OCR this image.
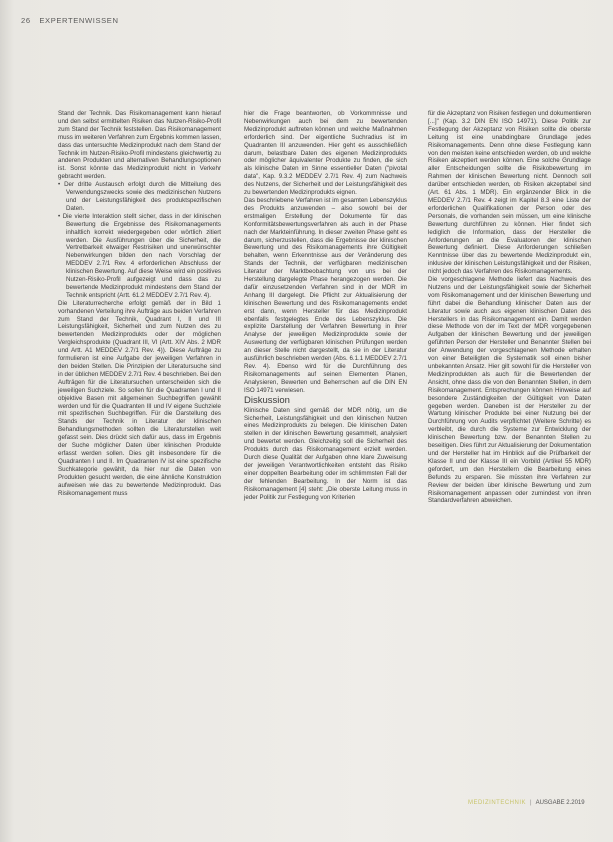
26 EXPERTENWISSEN

Stand der Technik. Das Risikomanagement kann hierauf und den selbst ermittelten Risiken das Nutzen-Risiko-Profil zum Stand der Technik feststellen. Das Risikomanagement muss im weiteren Verfahren zum Ergebnis kommen lassen, dass das untersuchte Medizinprodukt nach dem Stand der Technik im Nutzen-Risiko-Profil mindestens gleichwertig zu anderen Produkten und alternativen Behandlungsoptionen ist. Sonst könnte das Medizinprodukt nicht in Verkehr gebracht werden.

• Der dritte Austausch erfolgt durch die Mitteilung des Verwendungszwecks sowie des medizinischen Nutzens und der Leistungsfähigkeit des produktspezifischen Daten.

• Die vierte Interaktion stellt sicher, dass in der klinischen Bewertung die Ergebnisse des Risikomanagements inhaltlich korrekt wiedergegeben oder wörtlich zitiert werden. Die Ausführungen über die Sicherheit, die Vertretbarkeit etwaiger Restrisiken und unerwünschter Nebenwirkungen bilden den nach Vorschlag der MEDDEV 2.7/1 Rev. 4 erforderlichen Abschluss der klinischen Bewertung. Auf diese Weise wird ein positives Nutzen-Risiko-Profil aufgezeigt und dass das zu bewertende Medizinprodukt mindestens dem Stand der Technik entspricht (Artt. 61.2 MEDDEV 2.7/1 Rev. 4).

Die Literaturrecherche erfolgt gemäß der in Bild 1 vorhandenen Verteilung ihre Aufträge aus beiden Verfahren zum Stand der Technik, Quadrant I, II und III Leistungsfähigkeit, Sicherheit und zum Nutzen des zu bewertenden Medizinprodukts oder der möglichen Vergleichsprodukte (Quadrant III, VI (Artt. XIV Abs. 2 MDR und Artt. A1 MEDDEV 2.7/1 Rev. 4)). Diese Aufträge zu formulieren ist eine Aufgabe der jeweiligen Verfahren in den beiden Stellen. Die Prinzipien der Literatursuche sind in der üblichen MEDDEV 2.7/1 Rev. 4 beschrieben. Bei den Aufträgen für die Literatursuchen unterscheiden sich die jeweiligen Suchziele. So sollen für die Quadranten I und II objektive Basen mit allgemeinen Suchbegriffen gewählt werden und für die Quadranten III und IV eigene Suchziele mit spezifischen Suchbegriffen. Für die Darstellung des Stands der Technik in Literatur der klinischen Behandlungsmethoden sollten die Literaturstellen weit gefasst sein. Dies drückt sich dafür aus, dass im Ergebnis der Suche möglicher Daten über klinischen Produkte erfasst werden sollen. Dies gilt insbesondere für die Quadranten I und II. Im Quadranten IV ist eine spezifische Suchkategorie gewählt, da hier nur die Daten von Produkten gesucht werden, die eine ähnliche Konstruktion aufweisen wie das zu bewertende Medizinprodukt. Das Risikomanagement muss

hier die Frage beantworten, ob Vorkommnisse und Nebenwirkungen auch bei dem zu bewertenden Medizinprodukt auftreten können und welche Maßnahmen erforderlich sind. Der eigentliche Suchradius ist im Quadranten III anzuwenden. Hier geht es ausschließlich darum, belastbare Daten des eigenen Medizinprodukts oder möglicher äquivalenter Produkte zu finden, die sich als klinische Daten im Sinne essentieller Daten ("pivotal data", Kap. 9.3.2 MEDDEV 2.7/1 Rev. 4) zum Nachweis des Nutzens, der Sicherheit und der Leistungsfähigkeit des zu bewertenden Medizinprodukts eignen.

Das beschriebene Verfahren ist im gesamten Lebenszyklus des Produkts anzuwenden – also sowohl bei der erstmaligen Erstellung der Dokumente für das Konformitätsbewertungsverfahren als auch in der Phase nach der Markteinführung. In dieser zweiten Phase geht es darum, sicherzustellen, dass die Ergebnisse der klinischen Bewertung und des Risikomanagements ihre Gültigkeit behalten, wenn Erkenntnisse aus der Veränderung des Stands der Technik, der verfügbaren medizinischen Literatur der Marktbeobachtung von uns bei der Herstellung dargelegte Phase herangezogen werden. Die dafür einzusetzenden Verfahren sind in der MDR im Anhang III dargelegt. Die Pflicht zur Aktualisierung der klinischen Bewertung und des Risikomanagements endet erst dann, wenn Hersteller für das Medizinprodukt ebenfalls festgelegtes Ende des Lebenszyklus. Die explizite Darstellung der Verfahren Bewertung in ihrer Analyse der jeweiligen Medizinprodukte sowie der Auswertung der verfügbaren klinischen Prüfungen werden an dieser Stelle nicht dargestellt, da sie in der Literatur ausführlich beschrieben werden (Abs. 6.1.1 MEDDEV 2.7/1 Rev. 4). Ebenso wird für die Durchführung des Risikomanagements auf seinen Elementen Planen, Analysieren, Bewerten und Beherrschen auf die DIN EN ISO 14971 verwiesen.

Diskussion

Klinische Daten sind gemäß der MDR nötig, um die Sicherheit, Leistungsfähigkeit und den klinischen Nutzen eines Medizinprodukts zu belegen. Die klinischen Daten stellen in der klinischen Bewertung gesammelt, analysiert und bewertet werden. Gleichzeitig soll die Sicherheit des Produkts durch das Risikomanagement erzielt werden. Durch diese Qualität der Aufgaben ohne klare Zuweisung der jeweiligen Verantwortlichkeiten entsteht das Risiko einer doppelten Bearbeitung oder im schlimmsten Fall der der fehlenden Bearbeitung. In der Norm ist das Risikomanagement [4] steht: „Die oberste Leitung muss in jeder Politik zur Festlegung von Kriterien

für die Akzeptanz von Risiken festlegen und dokumentieren [...]" (Kap. 3.2 DIN EN ISO 14971). Diese Politik zur Festlegung der Akzeptanz von Risiken sollte die oberste Leitung ist eine unabdingbare Grundlage jedes Risikomanagements. Denn ohne diese Festlegung kann von den meisten keine entschieden werden, ob und welche Risiken akzeptiert werden können. Eine solche Grundlage aller Entscheidungen sollte die Risikobewertung im Rahmen der klinischen Bewertung nicht. Dennoch soll darüber entschieden werden, ob Risiken akzeptabel sind (Art. 61 Abs. 1 MDR). Ein ergänzender Blick in die MEDDEV 2.7/1 Rev. 4 zeigt im Kapitel 8.3 eine Liste der erforderlichen Qualifikationen der Person oder des Personals, die vorhanden sein müssen, um eine klinische Bewertung durchführen zu können. Hier findet sich lediglich die Information, dass der Hersteller die Anforderungen an die Evaluatoren der klinischen Bewertung definiert. Diese Anforderungen schließen Kenntnisse über das zu bewertende Medizinprodukt ein, inklusive der klinischen Leistungsfähigkeit und der Risiken, nicht jedoch das Verfahren des Risikomanagements.

Die vorgeschlagene Methode liefert das Nachweis des Nutzens und der Leistungsfähigkeit sowie der Sicherheit vom Risikomanagement und der klinischen Bewertung und führt dabei die Behandlung klinischer Daten aus der Literatur sowie auch aus eigenen klinischen Daten des Herstellers in das Risikomanagement ein. Damit werden diese Methode von der im Text der MDR vorgegebenen Aufgaben der klinischen Bewertung und der jeweiligen geführten Person der Hersteller und Benannter Stellen bei der Anwendung der vorgeschlagenen Methode erhalten von einer Beteiligten die Systematik soll einen bisher unbekannten Ansatz. Hier gilt sowohl für die Hersteller von Medizinprodukten als auch für die Bewertenden der Ansicht, ohne dass die von den Benannten Stellen, in dem Risikomanagement. Entsprechungen können Hinweise auf besondere Zuständigkeiten der Gültigkeit von Daten gegeben werden. Daneben ist der Hersteller zu der Wartung klinischer Produkte bei einer Nutzung bei der Durchführung von Audits verpflichtet (Weitere Schritte) es verbleibt, die durch die Systeme zur Entwicklung der klinischen Bewertung bzw. der Benannten Stellen zu beseitigen. Dies führt zur Aktualisierung der Dokumentation und der Hersteller hat im Hinblick auf die Prüfbarkeit der Klasse II und der Klasse III ein Vorbild (Artikel 55 MDR) gefordert, um den Herstellern die Bearbeitung eines Befunds zu ersparen. Sie müssten ihre Verfahren zur Review der beiden über klinische Bewertung und zum Risikomanagement anpassen oder zumindest von ihren Standardverfahren abweichen.

MEDIZINTECHNIK | AUSGABE 2.2019
